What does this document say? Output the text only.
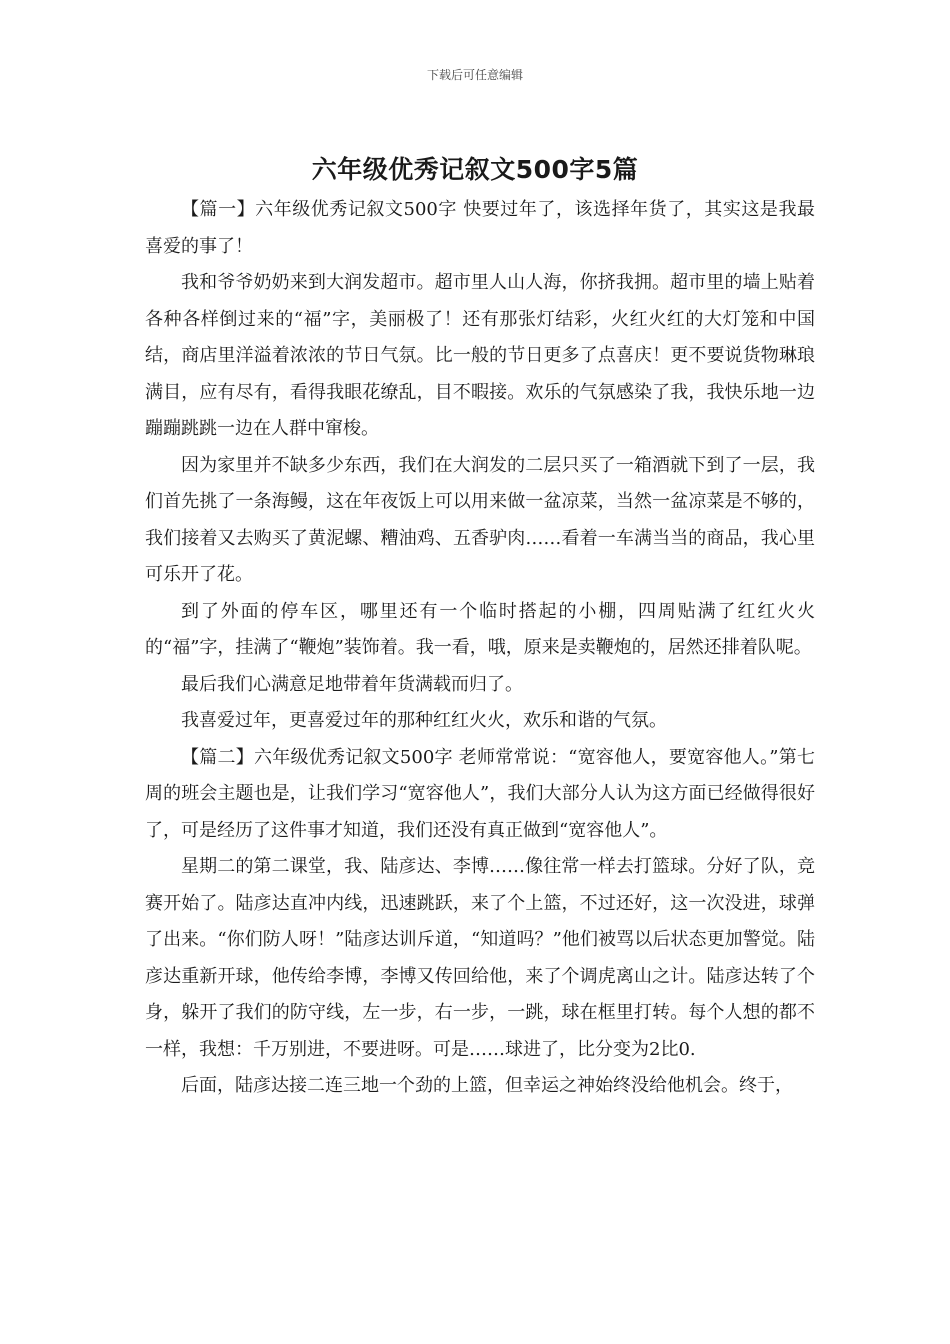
下载后可任意编辑
六年级优秀记叙文500字5篇

【篇一】六年级优秀记叙文500字 快要过年了，该选择年货了，其实这是我最喜爱的事了！

我和爷爷奶奶来到大润发超市。超市里人山人海，你挤我拥。超市里的墙上贴着各种各样倒过来的“福”字，美丽极了！还有那张灯结彩，火红火红的大灯笼和中国结，商店里洋溢着浓浓的节日气氛。比一般的节日更多了点喜庆！更不要说货物琳琅满目，应有尽有，看得我眼花缭乱，目不暇接。欢乐的气氛感染了我，我快乐地一边蹦蹦跳跳一边在人群中窜梭。

因为家里并不缺多少东西，我们在大润发的二层只买了一箱酒就下到了一层，我们首先挑了一条海鳗，这在年夜饭上可以用来做一盆凉菜，当然一盆凉菜是不够的，我们接着又去购买了黄泥螺、糟油鸡、五香驴肉……看着一车满当当的商品，我心里可乐开了花。

到了外面的停车区，哪里还有一个临时搭起的小棚，四周贴满了红红火火的“福”字，挂满了“鞭炮”装饰着。我一看，哦，原来是卖鞭炮的，居然还排着队呢。

最后我们心满意足地带着年货满载而归了。

我喜爱过年，更喜爱过年的那种红红火火，欢乐和谐的气氛。

【篇二】六年级优秀记叙文500字 老师常常说：“宽容他人，要宽容他人。”第七周的班会主题也是，让我们学习“宽容他人”，我们大部分人认为这方面已经做得很好了，可是经历了这件事才知道，我们还没有真正做到“宽容他人”。

星期二的第二课堂，我、陆彦达、李博……像往常一样去打篮球。分好了队，竞赛开始了。陆彦达直冲内线，迅速跳跃，来了个上篮，不过还好，这一次没进，球弹了出来。“你们防人呀！”陆彦达训斥道，“知道吗？”他们被骂以后状态更加警觉。陆彦达重新开球，他传给李博，李博又传回给他，来了个调虎离山之计。陆彦达转了个身，躲开了我们的防守线，左一步，右一步，一跳，球在框里打转。每个人想的都不一样，我想：千万别进，不要进呀。可是……球进了，比分变为2比0.

后面，陆彦达接二连三地一个劲的上篮，但幸运之神始终没给他机会。终于，
